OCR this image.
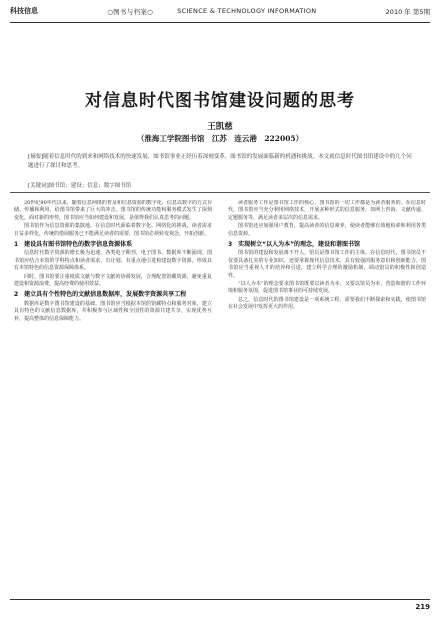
科技信息	○图书与档案○	SCIENCE & TECHNOLOGY INFORMATION	2010 年 第5期
对信息时代图书馆建设问题的思考
王凯慈
（淮海工学院图书馆　江苏　连云港　222005）
[摘要]随着信息时代的到来和网络技术的快速发展，图书馆事业正经历着深刻变革。图书馆的发展面临新的机遇和挑战。本文就信息时代图书馆建设中的几个问题进行了探讨和思考。
[关键词]图书馆；建设；信息；数字图书馆

20世纪90年代以来，随着信息网络的普及和信息资源的数字化，信息以数字的方式存储、传播和利用，给图书馆带来了巨大的冲击。图书馆的传统功能和服务模式发生了深刻变化，面对新的形势，图书馆应当如何建设和发展，是值得我们认真思考的问题。

图书馆作为信息资源的集散地，在信息时代面临着数字化、网络化的挑战。读者需求日益多样化，传统的借阅服务已不能满足读者的需要，图书馆必须转变观念，开拓创新。

1　建设具有图书馆特色的数字信息资源体系

信息时代数字资源的增长极为迅速，各类电子期刊、电子图书、数据库不断涌现。图书馆应结合本馆的学科特点和读者需求，有计划、有重点地引进和建设数字资源，形成具有本馆特色的信息资源保障体系。

同时，图书馆要注重纸质文献与数字文献的协调发展，合理配置馆藏资源，避免重复建设和资源浪费，提高经费的使用效益。

2　建立具有个性特色的文献信息数据库，发展数字资源共享工程

数据库是数字图书馆建设的基础。图书馆应当根据本馆的馆藏特点和服务对象，建立具有特色的文献信息数据库，并积极参与区域性和全国性的资源共建共享，实现优势互补，提高整体的信息保障能力。

读者服务工作是图书馆工作的核心，图书馆的一切工作都是为读者服务的。在信息时代，图书馆应当充分利用网络技术，开展多种形式的信息服务，如网上咨询、文献传递、定题服务等，满足读者多层次的信息需求。

图书馆还应加强用户教育，提高读者的信息素养，使读者能够有效地检索和利用各类信息资源。

3　实现树立“以人为本”的理念，建设和谐图书馆

图书馆的建设和发展离不开人，馆员是图书馆工作的主体。在信息时代，图书馆员不仅要具备扎实的专业知识，还要掌握现代信息技术，具有较强的服务意识和创新能力。图书馆应当重视人才的培养和引进，建立科学合理的激励机制，调动馆员的积极性和创造性。

“以人为本”的理念要求图书馆既要以读者为本，又要以馆员为本，营造和谐的工作环境和服务氛围，促进图书馆事业的可持续发展。

总之，信息时代的图书馆建设是一项系统工程，需要我们不断探索和实践，使图书馆在社会发展中发挥更大的作用。

219
